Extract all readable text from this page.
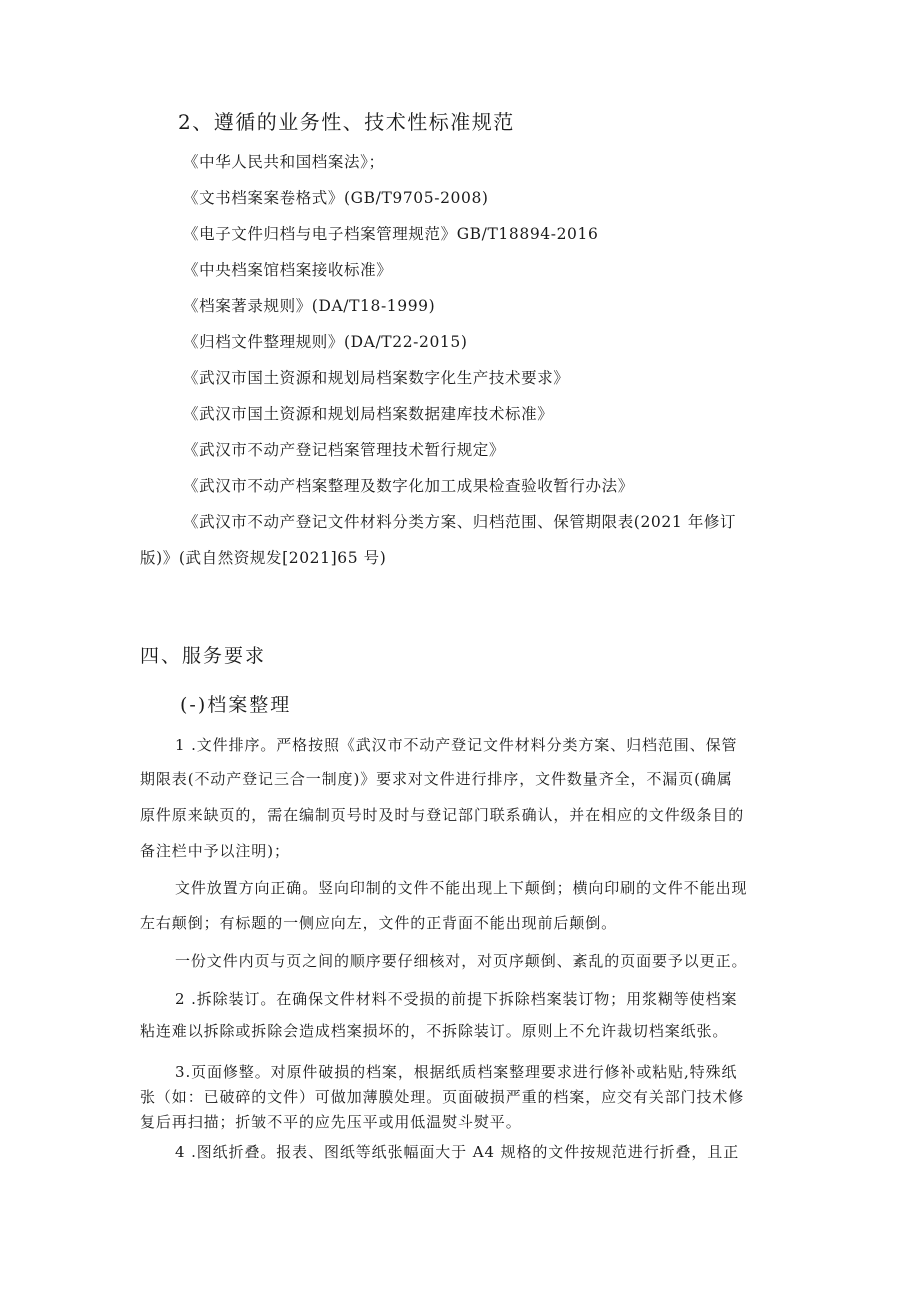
2、遵循的业务性、技术性标准规范
《中华人民共和国档案法》；
《文书档案案卷格式》(GB/T9705-2008)
《电子文件归档与电子档案管理规范》GB/T18894-2016
《中央档案馆档案接收标准》
《档案著录规则》(DA/T18-1999)
《归档文件整理规则》(DA/T22-2015)
《武汉市国土资源和规划局档案数字化生产技术要求》
《武汉市国土资源和规划局档案数据建库技术标准》
《武汉市不动产登记档案管理技术暂行规定》
《武汉市不动产档案整理及数字化加工成果检查验收暂行办法》
《武汉市不动产登记文件材料分类方案、归档范围、保管期限表(2021 年修订
版)》(武自然资规发[2021]65 号)
四、服务要求
(-)档案整理
1 .文件排序。严格按照《武汉市不动产登记文件材料分类方案、归档范围、保管
期限表(不动产登记三合一制度)》要求对文件进行排序，文件数量齐全，不漏页(确属
原件原来缺页的，需在编制页号时及时与登记部门联系确认，并在相应的文件级条目的
备注栏中予以注明)；
文件放置方向正确。竖向印制的文件不能出现上下颠倒；横向印刷的文件不能出现
左右颠倒；有标题的一侧应向左，文件的正背面不能出现前后颠倒。
一份文件内页与页之间的顺序要仔细核对，对页序颠倒、紊乱的页面要予以更正。
2 .拆除装订。在确保文件材料不受损的前提下拆除档案装订物；用浆糊等使档案
粘连难以拆除或拆除会造成档案损坏的，不拆除装订。原则上不允许裁切档案纸张。
3.页面修整。对原件破损的档案，根据纸质档案整理要求进行修补或粘贴,特殊纸
张（如：已破碎的文件）可做加薄膜处理。页面破损严重的档案，应交有关部门技术修
复后再扫描；折皱不平的应先压平或用低温熨斗熨平。
4 .图纸折叠。报表、图纸等纸张幅面大于 A4 规格的文件按规范进行折叠，且正
